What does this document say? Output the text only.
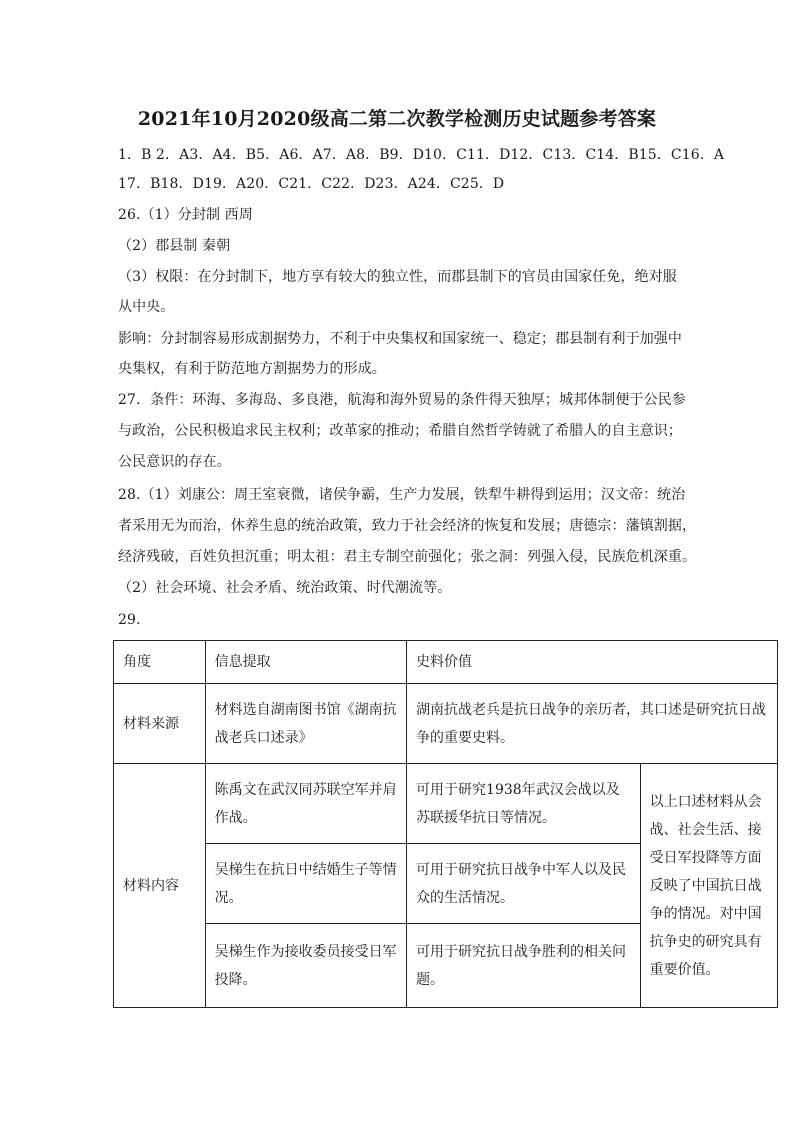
2021年10月2020级高二第二次教学检测历史试题参考答案
1．B 2．A3．A4．B5．A6．A7．A8．B9．D10．C11．D12．C13．C14．B15．C16．A
17．B18．D19．A20．C21．C22．D23．A24．C25．D
26.（1）分封制 西周
（2）郡县制 秦朝
（3）权限：在分封制下，地方享有较大的独立性，而郡县制下的官员由国家任免，绝对服
从中央。
影响：分封制容易形成割据势力，不利于中央集权和国家统一、稳定；郡县制有利于加强中
央集权，有利于防范地方割据势力的形成。
27．条件：环海、多海岛、多良港，航海和海外贸易的条件得天独厚；城邦体制便于公民参
与政治，公民积极追求民主权利；改革家的推动；希腊自然哲学铸就了希腊人的自主意识；
公民意识的存在。
28.（1）刘康公：周王室衰微，诸侯争霸，生产力发展，铁犁牛耕得到运用；汉文帝：统治
者采用无为而治，休养生息的统治政策，致力于社会经济的恢复和发展；唐德宗：藩镇割据，
经济残破，百姓负担沉重；明太祖：君主专制空前强化；张之洞：列强入侵，民族危机深重。
（2）社会环境、社会矛盾、统治政策、时代潮流等。
29.
角度	信息提取	史料价值	
材料来源	材料选自湖南图书馆《湖南抗战老兵口述录》	湖南抗战老兵是抗日战争的亲历者，其口述是研究抗日战争的重要史料。	
材料内容	陈禹文在武汉同苏联空军并肩作战。	可用于研究1938年武汉会战以及苏联援华抗日等情况。	以上口述材料从会战、社会生活、接受日军投降等方面反映了中国抗日战争的情况。对中国抗争史的研究具有重要价值。
	吴梯生在抗日中结婚生子等情况。	可用于研究抗日战争中军人以及民众的生活情况。	
	吴梯生作为接收委员接受日军投降。	可用于研究抗日战争胜利的相关问题。	
